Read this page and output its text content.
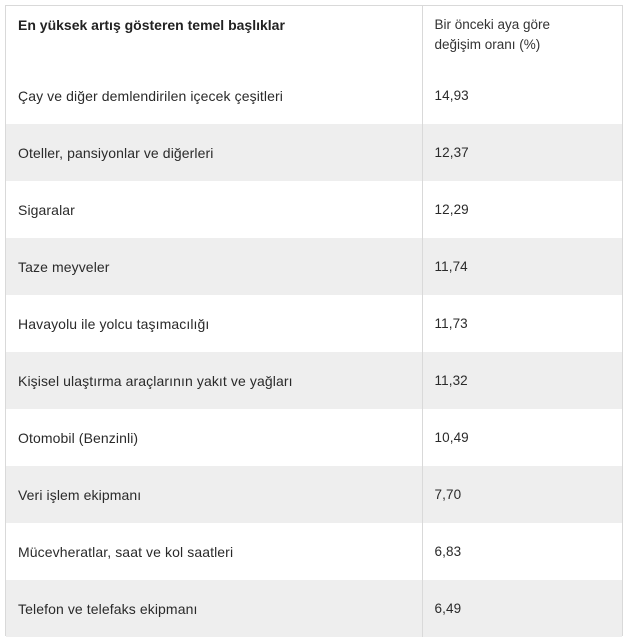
En yüksek artış gösteren temel başlıklar	Bir önceki aya göre
değişim oranı (%)
Çay ve diğer demlendirilen içecek çeşitleri	14,93
Oteller, pansiyonlar ve diğerleri	12,37
Sigaralar	12,29
Taze meyveler	11,74
Havayolu ile yolcu taşımacılığı	11,73
Kişisel ulaştırma araçlarının yakıt ve yağları	11,32
Otomobil (Benzinli)	10,49
Veri işlem ekipmanı	7,70
Mücevheratlar, saat ve kol saatleri	6,83
Telefon ve telefaks ekipmanı	6,49
